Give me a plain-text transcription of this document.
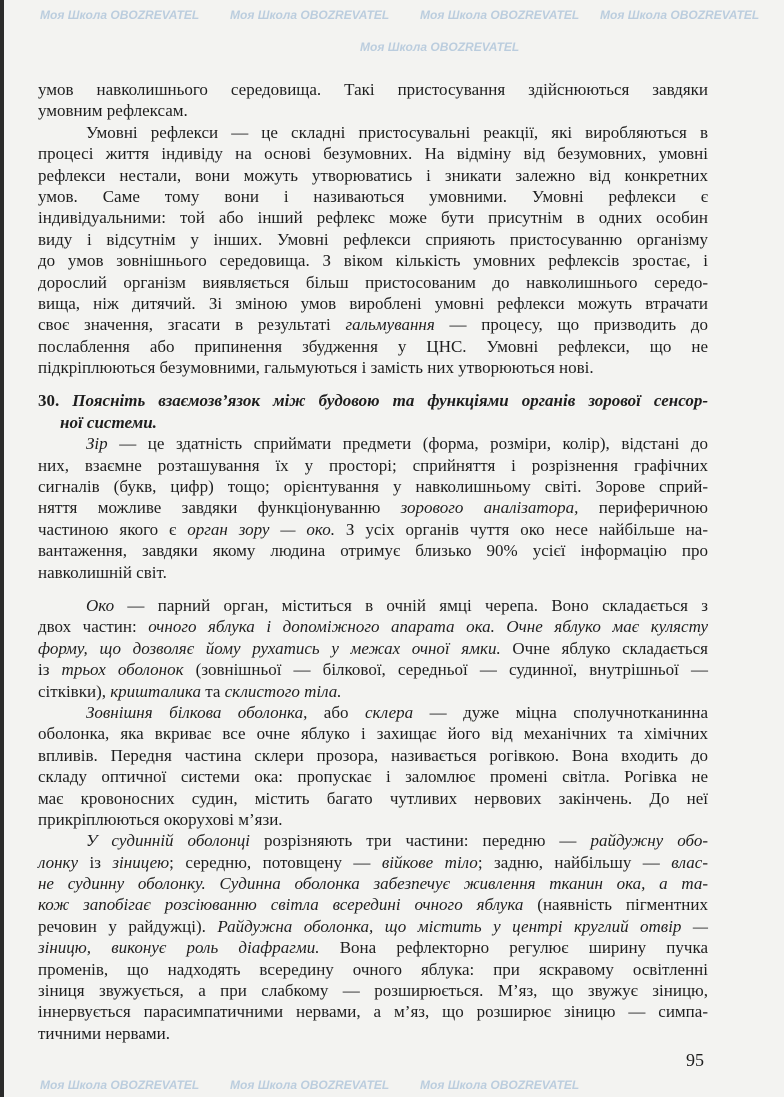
Моя Школа OBOZREVATEL	Моя Школа OBOZREVATEL	Моя Школа OBOZREVATEL Моя Школа OBOZREVATEL
Моя Школа OBOZREVATEL
Моя Школа OBOZREVATEL	Моя Школа OBOZREVATEL	Моя Школа OBOZREVATEL
умов навколишнього середовища. Такі пристосування здійснюються завдяки
умовним рефлексам.
Умовні рефлекси — це складні пристосувальні реакції, які виробляються в
процесі життя індивіду на основі безумовних. На відміну від безумовних, умовні
рефлекси нестали, вони можуть утворюватись і зникати залежно від конкретних
умов. Саме тому вони і називаються умовними. Умовні рефлекси є
індивідуальними: той або інший рефлекс може бути присутнім в одних особин
виду і відсутнім у інших. Умовні рефлекси сприяють пристосуванню організму
до умов зовнішнього середовища. З віком кількість умовних рефлексів зростає, і
дорослий організм виявляється більш пристосованим до навколишнього середо-
вища, ніж дитячий. Зі зміною умов вироблені умовні рефлекси можуть втрачати
своє значення, згасати в результаті гальмування — процесу, що призводить до
послаблення або припинення збудження у ЦНС. Умовні рефлекси, що не
підкріплюються безумовними, гальмуються і замість них утворюються нові.
30. Поясніть взаємозв’язок між будовою та функціями органів зорової сенсор-
ної системи.
Зір — це здатність сприймати предмети (форма, розміри, колір), відстані до
них, взаємне розташування їх у просторі; сприйняття і розрізнення графічних
сигналів (букв, цифр) тощо; орієнтування у навколишньому світі. Зорове сприй-
няття можливе завдяки функціонуванню зорового аналізатора, периферичною
частиною якого є орган зору — око. З усіх органів чуття око несе найбільше на-
вантаження, завдяки якому людина отримує близько 90% усієї інформацію про
навколишній світ.
Око — парний орган, міститься в очній ямці черепа. Воно складається з
двох частин: очного яблука і допоміжного апарата ока. Очне яблуко має кулясту
форму, що дозволяє йому рухатись у межах очної ямки. Очне яблуко складається
із трьох оболонок (зовнішньої — білкової, середньої — судинної, внутрішньої —
сітківки), кришталика та склистого тіла.
Зовнішня білкова оболонка, або склера — дуже міцна сполучнотканинна
оболонка, яка вкриває все очне яблуко і захищає його від механічних та хімічних
впливів. Передня частина склери прозора, називається рогівкою. Вона входить до
складу оптичної системи ока: пропускає і заломлює промені світла. Рогівка не
має кровоносних судин, містить багато чутливих нервових закінчень. До неї
прикріплюються окорухові м’язи.
У судинній оболонці розрізняють три частини: передню — райдужну обо-
лонку із зіницею; середню, потовщену — війкове тіло; задню, найбільшу — влас-
не судинну оболонку. Судинна оболонка забезпечує живлення тканин ока, а та-
кож запобігає розсіюванню світла всередині очного яблука (наявність пігментних
речовин у райдужці). Райдужна оболонка, що містить у центрі круглий отвір —
зіницю, виконує роль діафрагми. Вона рефлекторно регулює ширину пучка
променів, що надходять всередину очного яблука: при яскравому освітленні
зіниця звужується, а при слабкому — розширюється. М’яз, що звужує зіницю,
іннервується парасимпатичними нервами, а м’яз, що розширює зіницю — симпа-
тичними нервами.
95
